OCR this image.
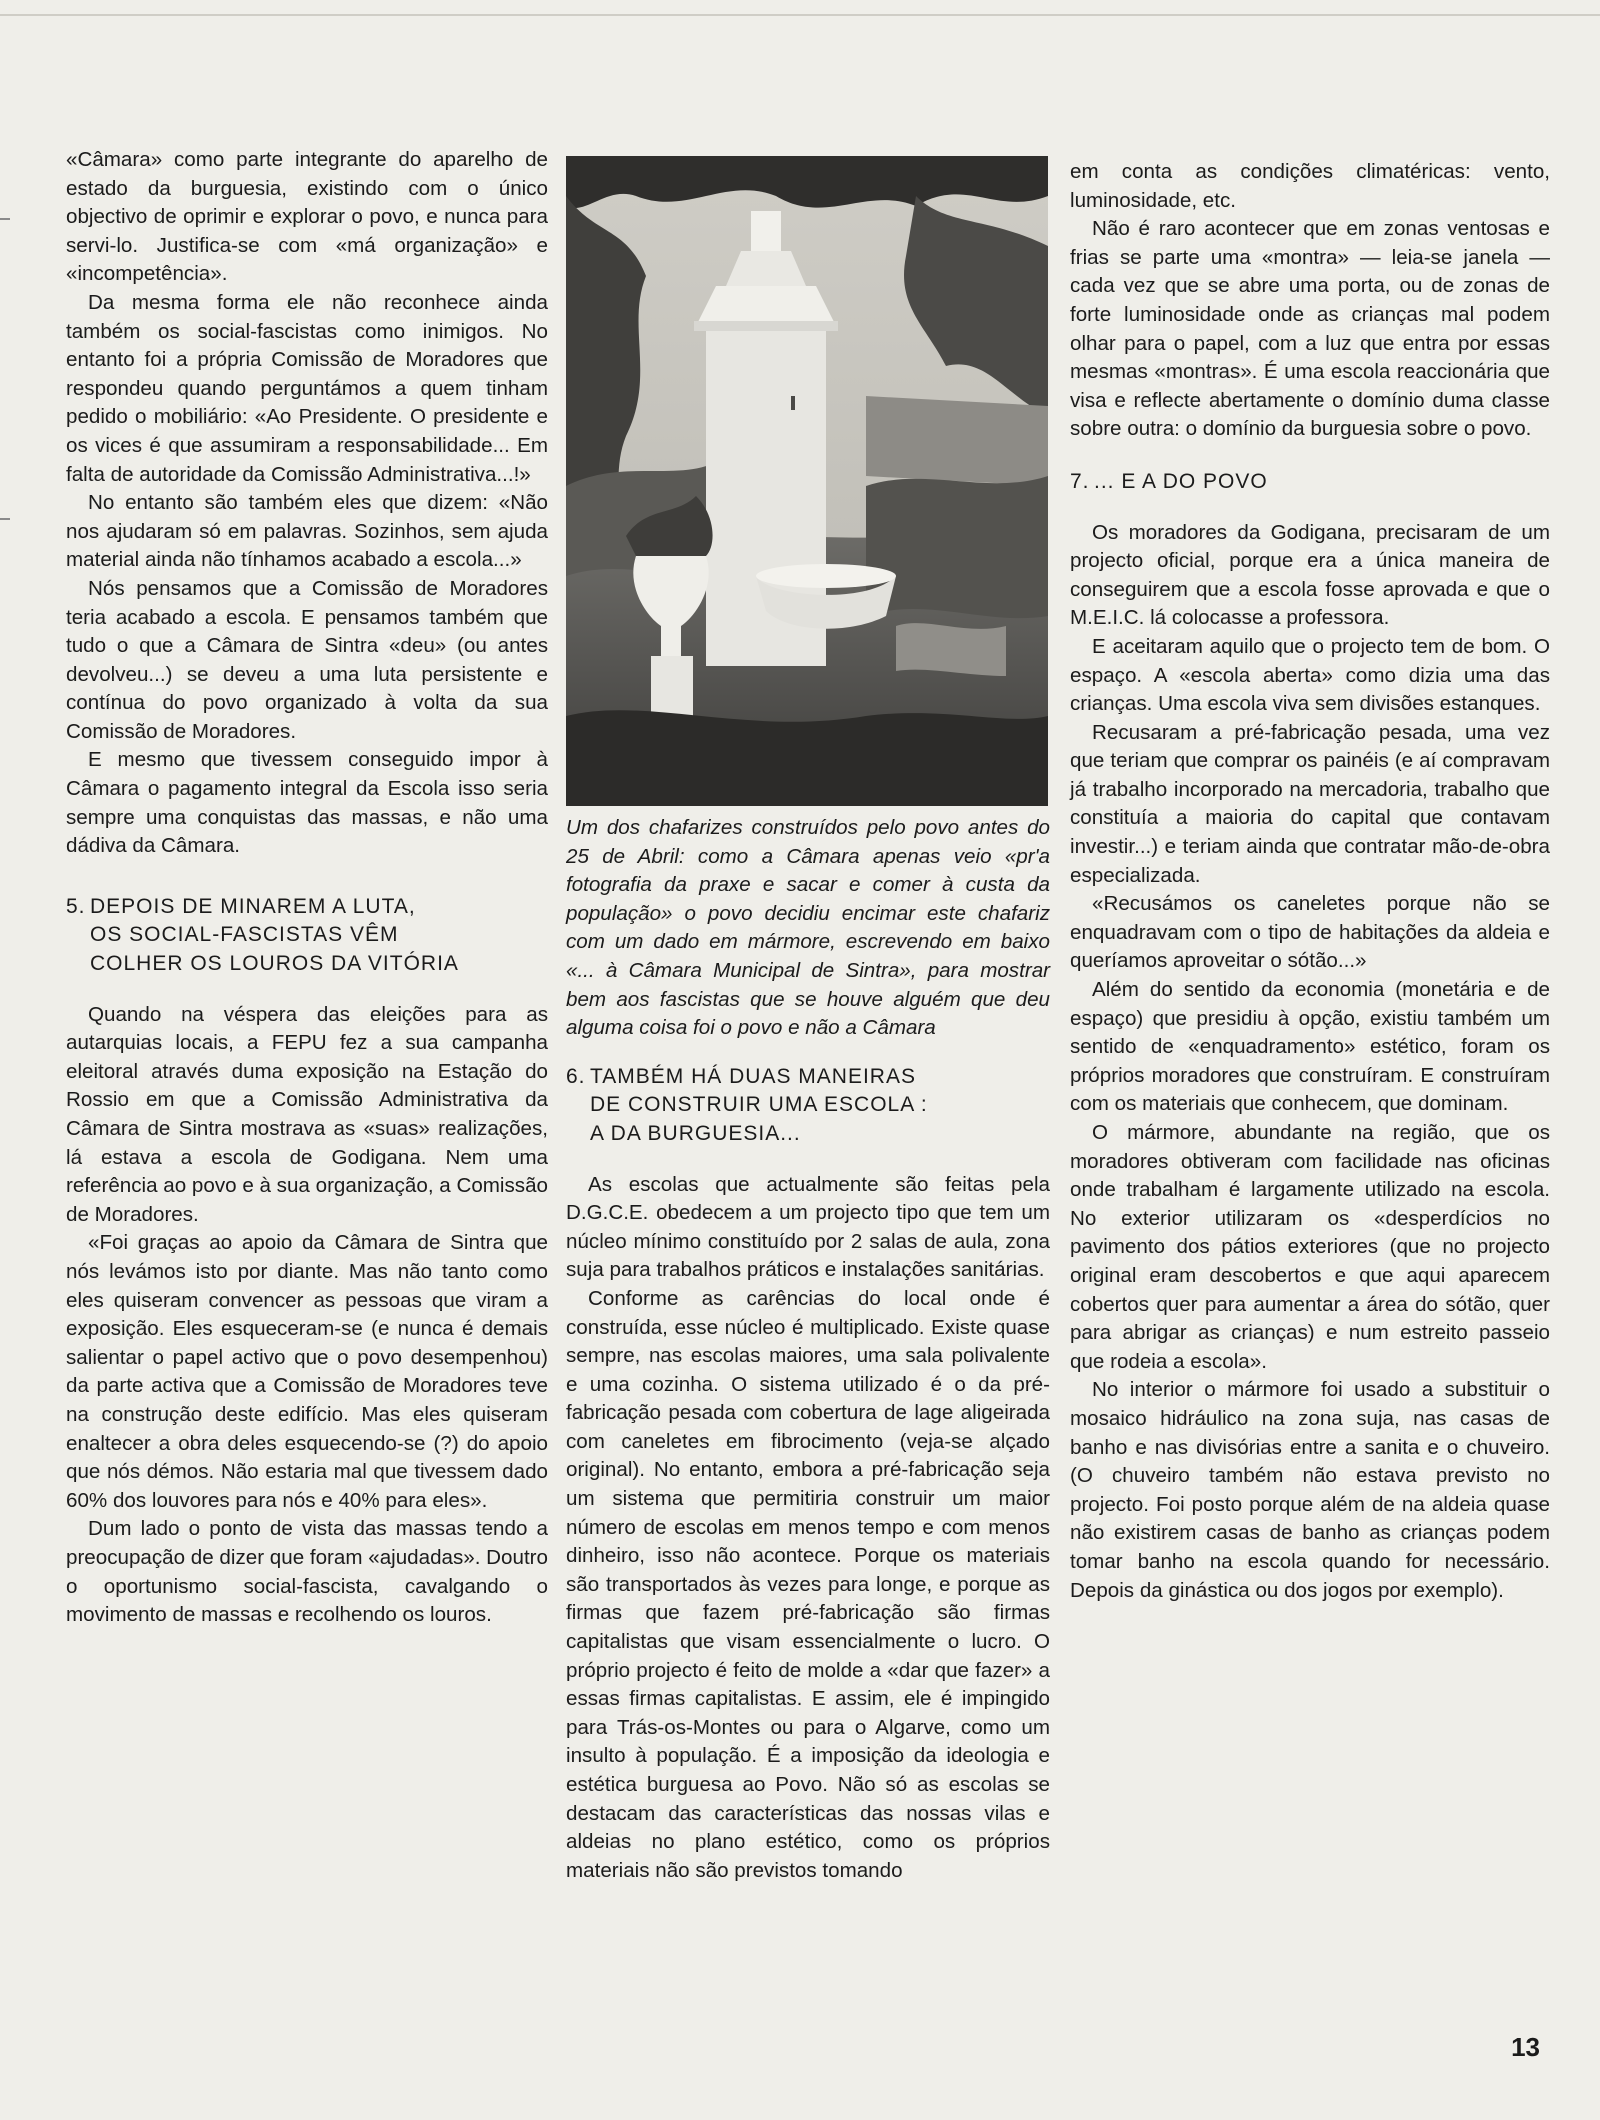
«Câmara» como parte integrante do aparelho de estado da burguesia, existindo com o único objectivo de oprimir e explorar o povo, e nunca para servi-lo. Justifica-se com «má organização» e «incompetência».

Da mesma forma ele não reconhece ainda também os social-fascistas como inimigos. No entanto foi a própria Comissão de Moradores que respondeu quando perguntámos a quem tinham pedido o mobiliário: «Ao Presidente. O presidente e os vices é que assumiram a responsabilidade... Em falta de autoridade da Comissão Administrativa...!»

No entanto são também eles que dizem: «Não nos ajudaram só em palavras. Sozinhos, sem ajuda material ainda não tínhamos acabado a escola...»

Nós pensamos que a Comissão de Moradores teria acabado a escola. E pensamos também que tudo o que a Câmara de Sintra «deu» (ou antes devolveu...) se deveu a uma luta persistente e contínua do povo organizado à volta da sua Comissão de Moradores.

E mesmo que tivessem conseguido impor à Câmara o pagamento integral da Escola isso seria sempre uma conquistas das massas, e não uma dádiva da Câmara.

5. DEPOIS DE MINAREM A LUTA,
OS SOCIAL-FASCISTAS VÊM
COLHER OS LOUROS DA VITÓRIA

Quando na véspera das eleições para as autarquias locais, a FEPU fez a sua campanha eleitoral através duma exposição na Estação do Rossio em que a Comissão Administrativa da Câmara de Sintra mostrava as «suas» realizações, lá estava a escola de Godigana. Nem uma referência ao povo e à sua organização, a Comissão de Moradores.

«Foi graças ao apoio da Câmara de Sintra que nós levámos isto por diante. Mas não tanto como eles quiseram convencer as pessoas que viram a exposição. Eles esqueceram-se (e nunca é demais salientar o papel activo que o povo desempenhou) da parte activa que a Comissão de Moradores teve na construção deste edifício. Mas eles quiseram enaltecer a obra deles esquecendo-se (?) do apoio que nós démos. Não estaria mal que tivessem dado 60% dos louvores para nós e 40% para eles».

Dum lado o ponto de vista das massas tendo a preocupação de dizer que foram «ajudadas». Doutro o oportunismo social-fascista, cavalgando o movimento de massas e recolhendo os louros.

Um dos chafarizes construídos pelo povo antes do 25 de Abril: como a Câmara apenas veio «pr'a fotografia da praxe e sacar e comer à custa da população» o povo decidiu encimar este chafariz com um dado em mármore, escrevendo em baixo «... à Câmara Municipal de Sintra», para mostrar bem aos fascistas que se houve alguém que deu alguma coisa foi o povo e não a Câmara

6. TAMBÉM HÁ DUAS MANEIRAS
DE CONSTRUIR UMA ESCOLA :
A DA BURGUESIA...

As escolas que actualmente são feitas pela D.G.C.E. obedecem a um projecto tipo que tem um núcleo mínimo constituído por 2 salas de aula, zona suja para trabalhos práticos e instalações sanitárias.

Conforme as carências do local onde é construída, esse núcleo é multiplicado. Existe quase sempre, nas escolas maiores, uma sala polivalente e uma cozinha. O sistema utilizado é o da pré-fabricação pesada com cobertura de lage aligeirada com caneletes em fibrocimento (veja-se alçado original). No entanto, embora a pré-fabricação seja um sistema que permitiria construir um maior número de escolas em menos tempo e com menos dinheiro, isso não acontece. Porque os materiais são transportados às vezes para longe, e porque as firmas que fazem pré-fabricação são firmas capitalistas que visam essencialmente o lucro. O próprio projecto é feito de molde a «dar que fazer» a essas firmas capitalistas. E assim, ele é impingido para Trás-os-Montes ou para o Algarve, como um insulto à população. É a imposição da ideologia e estética burguesa ao Povo. Não só as escolas se destacam das características das nossas vilas e aldeias no plano estético, como os próprios materiais não são previstos tomando

em conta as condições climatéricas: vento, luminosidade, etc.

Não é raro acontecer que em zonas ventosas e frias se parte uma «montra» — leia-se janela — cada vez que se abre uma porta, ou de zonas de forte luminosidade onde as crianças mal podem olhar para o papel, com a luz que entra por essas mesmas «montras». É uma escola reaccionária que visa e reflecte abertamente o domínio duma classe sobre outra: o domínio da burguesia sobre o povo.

7. ... E A DO POVO

Os moradores da Godigana, precisaram de um projecto oficial, porque era a única maneira de conseguirem que a escola fosse aprovada e que o M.E.I.C. lá colocasse a professora.

E aceitaram aquilo que o projecto tem de bom. O espaço. A «escola aberta» como dizia uma das crianças. Uma escola viva sem divisões estanques.

Recusaram a pré-fabricação pesada, uma vez que teriam que comprar os painéis (e aí compravam já trabalho incorporado na mercadoria, trabalho que constituía a maioria do capital que contavam investir...) e teriam ainda que contratar mão-de-obra especializada.

«Recusámos os caneletes porque não se enquadravam com o tipo de habitações da aldeia e queríamos aproveitar o sótão...»

Além do sentido da economia (monetária e de espaço) que presidiu à opção, existiu também um sentido de «enquadramento» estético, foram os próprios moradores que construíram. E construíram com os materiais que conhecem, que dominam.

O mármore, abundante na região, que os moradores obtiveram com facilidade nas oficinas onde trabalham é largamente utilizado na escola. No exterior utilizaram os «desperdícios no pavimento dos pátios exteriores (que no projecto original eram descobertos e que aqui aparecem cobertos quer para aumentar a área do sótão, quer para abrigar as crianças) e num estreito passeio que rodeia a escola».

No interior o mármore foi usado a substituir o mosaico hidráulico na zona suja, nas casas de banho e nas divisórias entre a sanita e o chuveiro. (O chuveiro também não estava previsto no projecto. Foi posto porque além de na aldeia quase não existirem casas de banho as crianças podem tomar banho na escola quando for necessário. Depois da ginástica ou dos jogos por exemplo).

13
